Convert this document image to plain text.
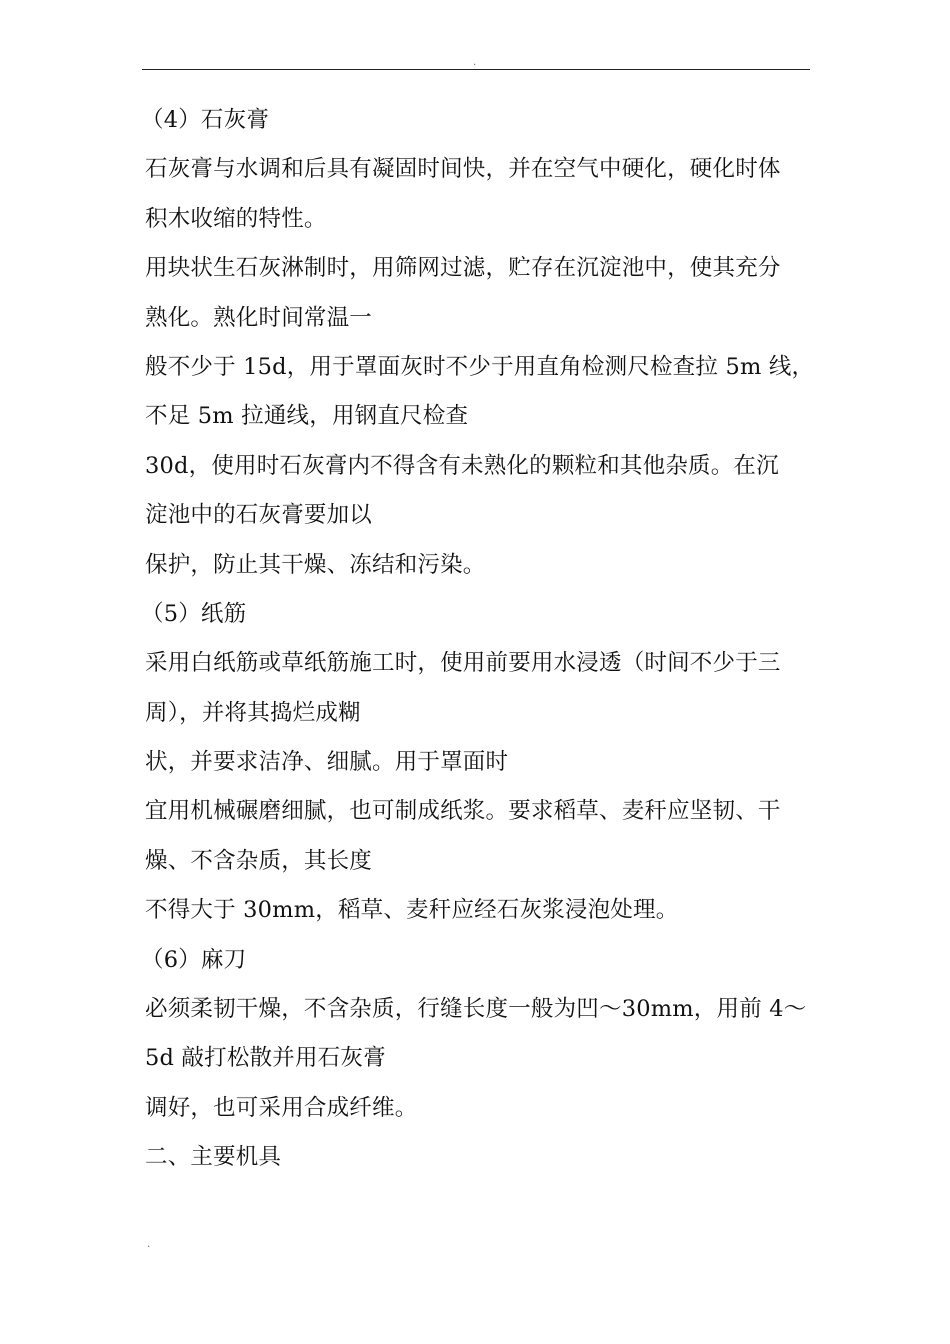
.
（4）石灰膏
石灰膏与水调和后具有凝固时间快，并在空气中硬化，硬化时体
积木收缩的特性。
用块状生石灰淋制时，用筛网过滤，贮存在沉淀池中，使其充分
熟化。熟化时间常温一
般不少于 15d，用于罩面灰时不少于用直角检测尺检查拉 5m 线，
不足 5m 拉通线，用钢直尺检查
30d，使用时石灰膏内不得含有未熟化的颗粒和其他杂质。在沉
淀池中的石灰膏要加以
保护，防止其干燥、冻结和污染。
（5）纸筋
采用白纸筋或草纸筋施工时，使用前要用水浸透（时间不少于三
周），并将其捣烂成糊
状，并要求洁净、细腻。用于罩面时
宜用机械碾磨细腻，也可制成纸浆。要求稻草、麦秆应坚韧、干
燥、不含杂质，其长度
不得大于 30mm，稻草、麦秆应经石灰浆浸泡处理。
（6）麻刀
必须柔韧干燥，不含杂质，行缝长度一般为凹～30mm，用前 4～
5d 敲打松散并用石灰膏
调好，也可采用合成纤维。
二、主要机具
.
